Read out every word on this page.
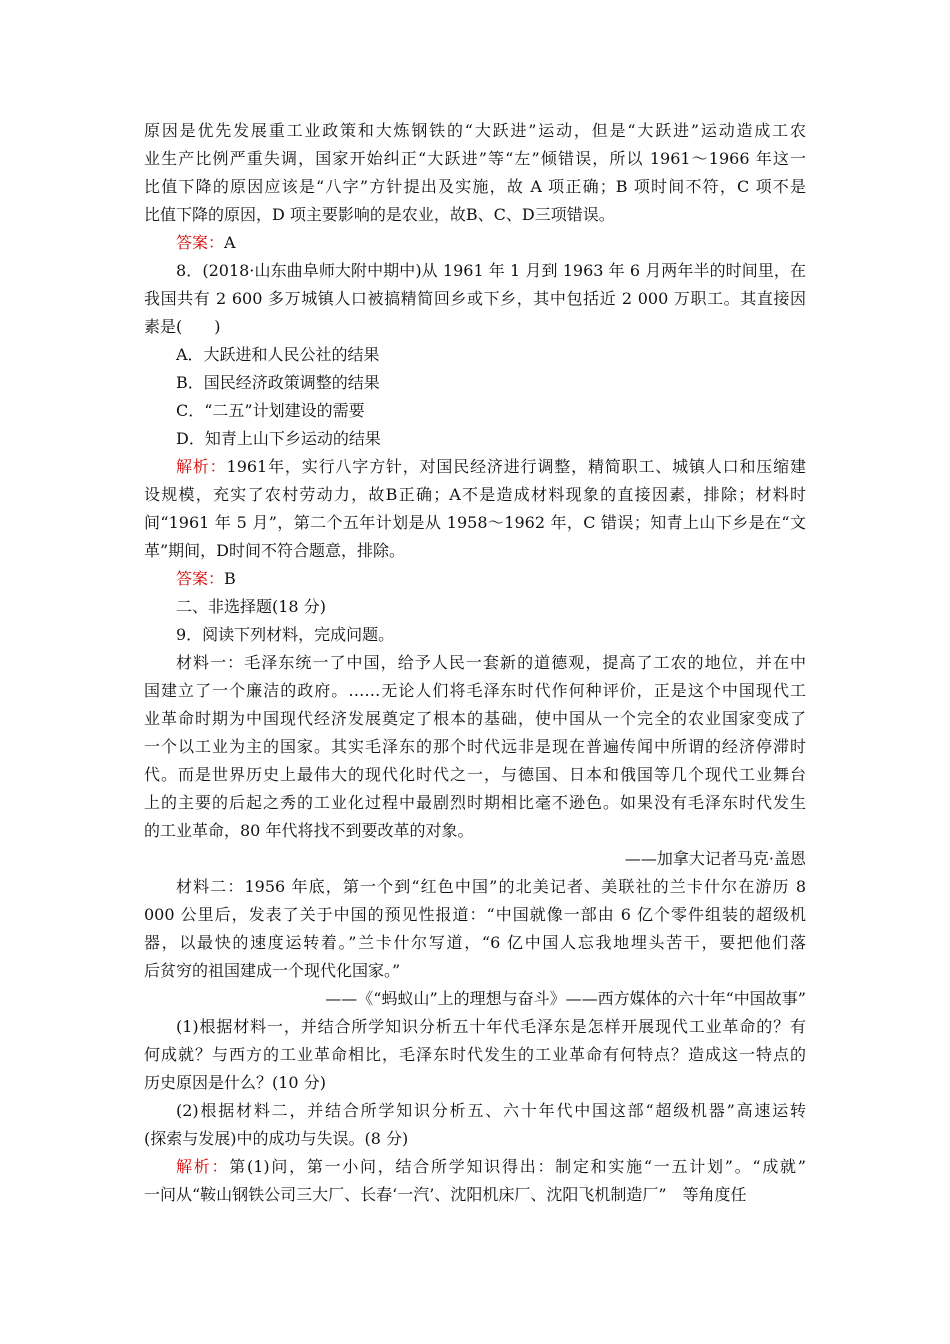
原因是优先发展重工业政策和大炼钢铁的“大跃进”运动，但是“大跃进”运动造成工农
业生产比例严重失调，国家开始纠正“大跃进”等“左”倾错误，所以 1961～1966 年这一
比值下降的原因应该是“八字”方针提出及实施，故 A 项正确；B 项时间不符，C 项不是
比值下降的原因，D 项主要影响的是农业，故B、C、D三项错误。
答案：A
8．(2018·山东曲阜师大附中期中)从 1961 年 1 月到 1963 年 6 月两年半的时间里，在
我国共有 2 600 多万城镇人口被搞精简回乡或下乡，其中包括近 2 000 万职工。其直接因
素是(　　)
A．大跃进和人民公社的结果
B．国民经济政策调整的结果
C．“二五”计划建设的需要
D．知青上山下乡运动的结果
解析：1961年，实行八字方针，对国民经济进行调整，精简职工、城镇人口和压缩建
设规模，充实了农村劳动力，故B正确；A不是造成材料现象的直接因素，排除；材料时
间“1961 年 5 月”，第二个五年计划是从 1958～1962 年，C 错误；知青上山下乡是在“文
革”期间，D时间不符合题意，排除。
答案：B
二、非选择题(18 分)
9．阅读下列材料，完成问题。
材料一：毛泽东统一了中国，给予人民一套新的道德观，提高了工农的地位，并在中
国建立了一个廉洁的政府。……无论人们将毛泽东时代作何种评价，正是这个中国现代工
业革命时期为中国现代经济发展奠定了根本的基础，使中国从一个完全的农业国家变成了
一个以工业为主的国家。其实毛泽东的那个时代远非是现在普遍传闻中所谓的经济停滞时
代。而是世界历史上最伟大的现代化时代之一，与德国、日本和俄国等几个现代工业舞台
上的主要的后起之秀的工业化过程中最剧烈时期相比毫不逊色。如果没有毛泽东时代发生
的工业革命，80 年代将找不到要改革的对象。
——加拿大记者马克·盖恩
材料二：1956 年底，第一个到“红色中国”的北美记者、美联社的兰卡什尔在游历 8
000 公里后，发表了关于中国的预见性报道：“中国就像一部由 6 亿个零件组装的超级机
器，以最快的速度运转着。”兰卡什尔写道，“6 亿中国人忘我地埋头苦干，要把他们落
后贫穷的祖国建成一个现代化国家。”
——《“蚂蚁山”上的理想与奋斗》——西方媒体的六十年“中国故事”
(1)根据材料一，并结合所学知识分析五十年代毛泽东是怎样开展现代工业革命的？有
何成就？与西方的工业革命相比，毛泽东时代发生的工业革命有何特点？造成这一特点的
历史原因是什么？(10 分)
(2)根据材料二，并结合所学知识分析五、六十年代中国这部“超级机器”高速运转
(探索与发展)中的成功与失误。(8 分)
解析：第(1)问，第一小问，结合所学知识得出：制定和实施“一五计划”。“成就”
一问从“鞍山钢铁公司三大厂、长春‘一汽’、沈阳机床厂、沈阳飞机制造厂”　等角度任
